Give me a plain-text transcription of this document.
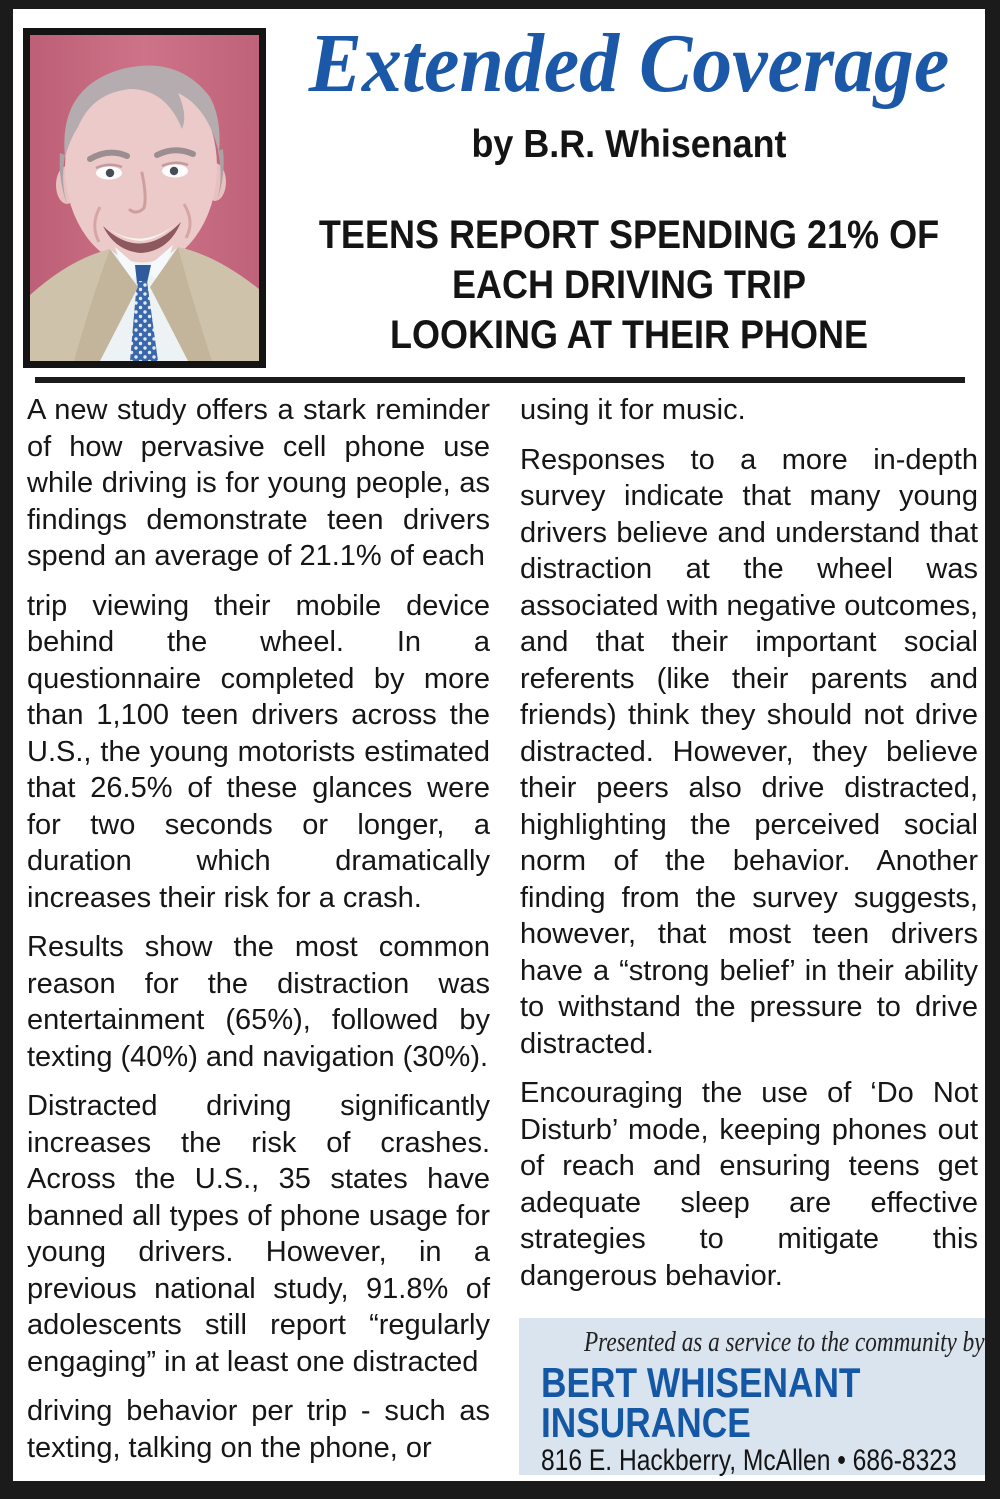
Extended Coverage
by B.R. Whisenant
TEENS REPORT SPENDING 21% OF
EACH DRIVING TRIP
LOOKING AT THEIR PHONE

A new study offers a stark reminder of how pervasive cell phone use while driving is for young people, as findings demonstrate teen drivers spend an average of 21.1% of each

trip viewing their mobile device behind the wheel. In a questionnaire completed by more than 1,100 teen drivers across the U.S., the young motorists estimated that 26.5% of these glances were for two seconds or longer, a duration which dramatically increases their risk for a crash.

Results show the most common reason for the distraction was entertainment (65%), followed by texting (40%) and navigation (30%).

Distracted driving significantly increases the risk of crashes. Across the U.S., 35 states have banned all types of phone usage for young drivers. However, in a previous national study, 91.8% of adolescents still report “regularly engaging” in at least one distracted

driving behavior per trip - such as texting, talking on the phone, or

using it for music.

Responses to a more in-depth survey indicate that many young drivers believe and understand that distraction at the wheel was associated with negative outcomes, and that their important social referents (like their parents and friends) think they should not drive distracted. However, they believe their peers also drive distracted, highlighting the perceived social norm of the behavior. Another finding from the survey suggests, however, that most teen drivers have a “strong belief’ in their ability to withstand the pressure to drive distracted.

Encouraging the use of ‘Do Not Disturb’ mode, keeping phones out of reach and ensuring teens get adequate sleep are effective strategies to mitigate this dangerous behavior.

Presented as a service to the community by
BERT WHISENANT
INSURANCE
816 E. Hackberry, McAllen • 686-8323
